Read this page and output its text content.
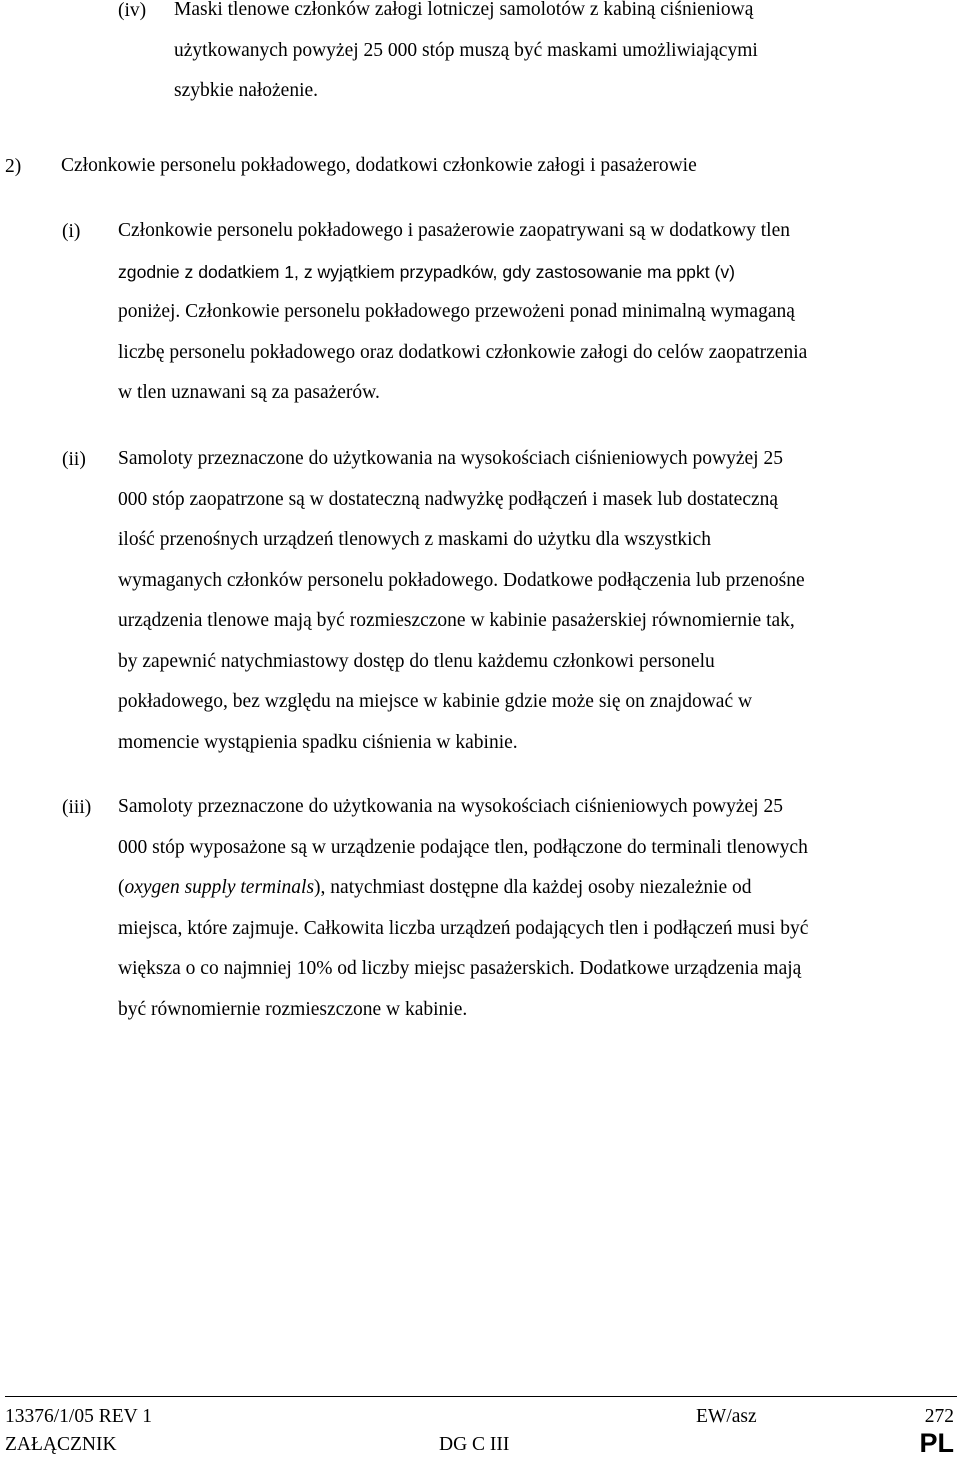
(iv) Maski tlenowe członków załogi lotniczej samolotów z kabiną ciśnieniową
użytkowanych powyżej 25 000 stóp muszą być maskami umożliwiającymi
szybkie nałożenie.
2) Członkowie personelu pokładowego, dodatkowi członkowie załogi i pasażerowie
(i) Członkowie personelu pokładowego i pasażerowie zaopatrywani są w dodatkowy tlen
zgodnie z dodatkiem 1, z wyjątkiem przypadków, gdy zastosowanie ma ppkt (v)
poniżej. Członkowie personelu pokładowego przewożeni ponad minimalną wymaganą
liczbę personelu pokładowego oraz dodatkowi członkowie załogi do celów zaopatrzenia
w tlen uznawani są za pasażerów.
(ii) Samoloty przeznaczone do użytkowania na wysokościach ciśnieniowych powyżej 25
000 stóp zaopatrzone są w dostateczną nadwyżkę podłączeń i masek lub dostateczną
ilość przenośnych urządzeń tlenowych z maskami do użytku dla wszystkich
wymaganych członków personelu pokładowego. Dodatkowe podłączenia lub przenośne
urządzenia tlenowe mają być rozmieszczone w kabinie pasażerskiej równomiernie tak,
by zapewnić natychmiastowy dostęp do tlenu każdemu członkowi personelu
pokładowego, bez względu na miejsce w kabinie gdzie może się on znajdować w
momencie wystąpienia spadku ciśnienia w kabinie.
(iii) Samoloty przeznaczone do użytkowania na wysokościach ciśnieniowych powyżej 25
000 stóp wyposażone są w urządzenie podające tlen, podłączone do terminali tlenowych
(oxygen supply terminals), natychmiast dostępne dla każdej osoby niezależnie od
miejsca, które zajmuje. Całkowita liczba urządzeń podających tlen i podłączeń musi być
większa o co najmniej 10% od liczby miejsc pasażerskich. Dodatkowe urządzenia mają
być równomiernie rozmieszczone w kabinie.
13376/1/05 REV 1	EW/asz	272
ZAŁĄCZNIK	DG C III	PL
